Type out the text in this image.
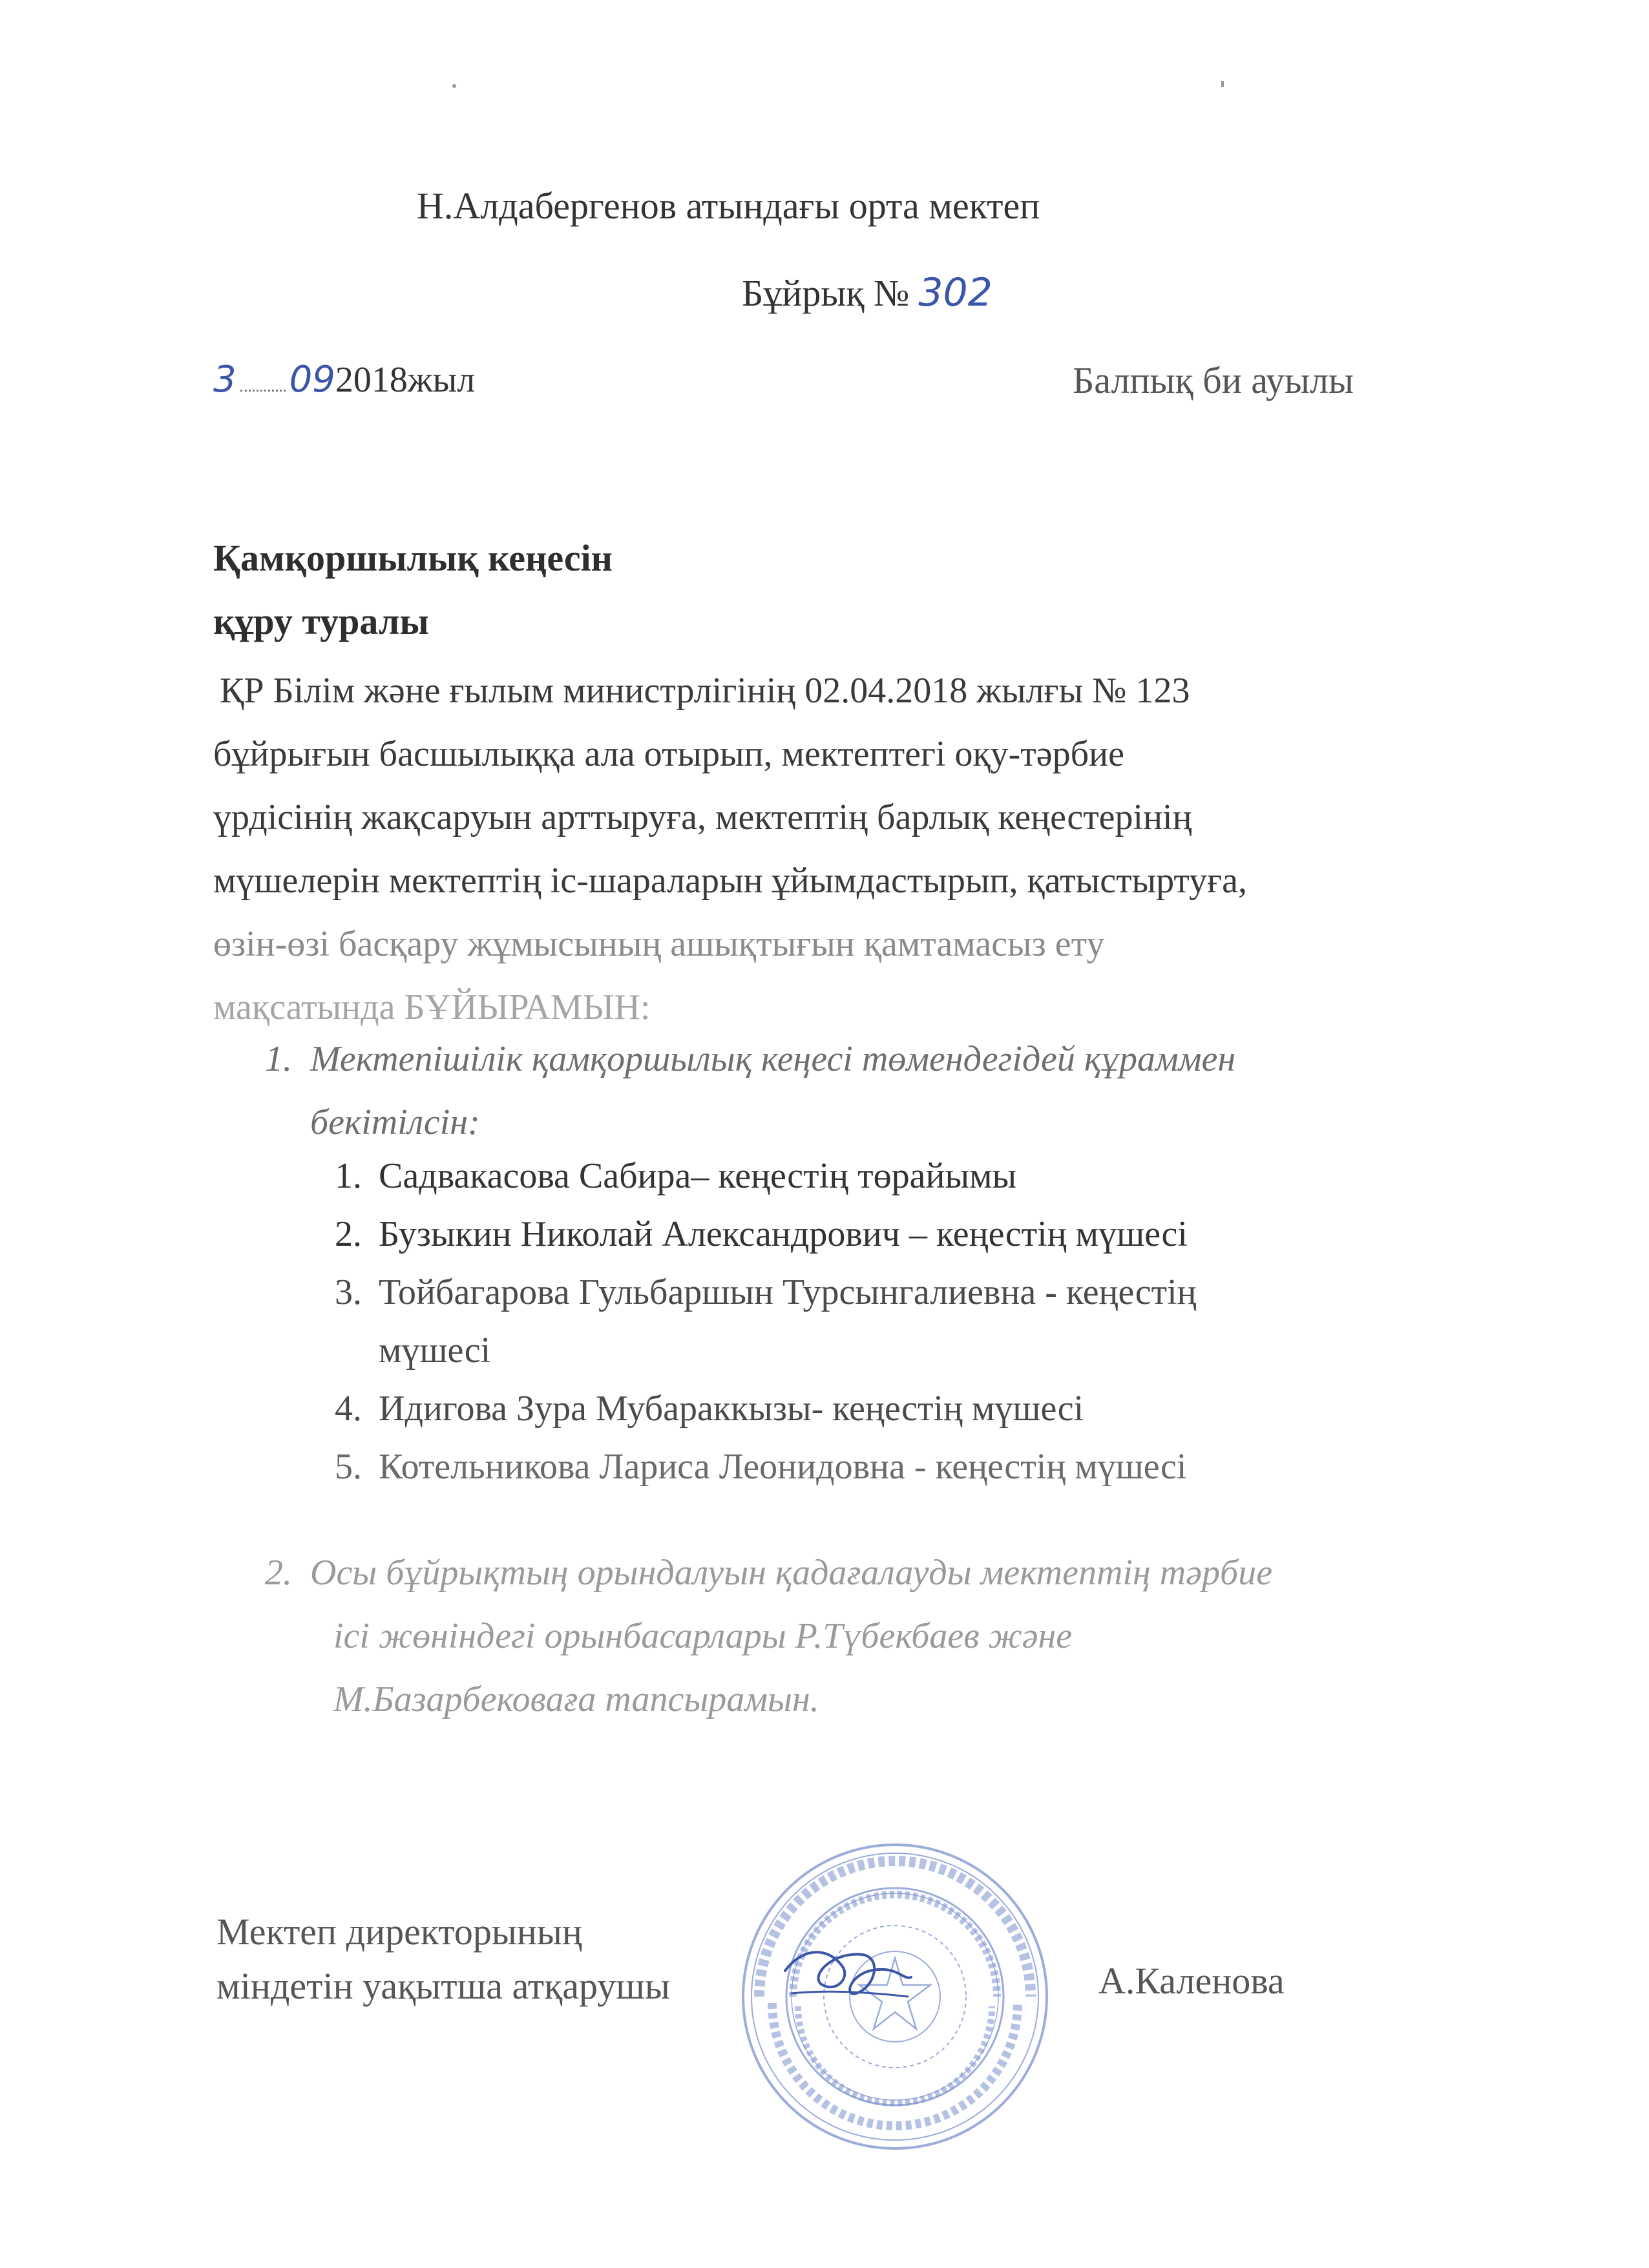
Н.Алдабергенов атындағы орта мектеп
Бұйрық № 302
3 092018жыл	Балпық би ауылы
Қамқоршылық кеңесін
құру туралы
ҚР Білім және ғылым министрлігінің 02.04.2018 жылғы № 123
бұйрығын басшылыққа ала отырып, мектептегі оқу-тәрбие
үрдісінің жақсаруын арттыруға, мектептің барлық кеңестерінің
мүшелерін мектептің іс-шараларын ұйымдастырып, қатыстыртуға,
өзін-өзі басқару жұмысының ашықтығын қамтамасыз ету
мақсатында БҰЙЫРАМЫН:
1. Мектепішілік қамқоршылық кеңесі төмендегідей құраммен
бекітілсін:
1. Садвакасова Сабира– кеңестің төрайымы
2. Бузыкин Николай Александрович – кеңестің мүшесі
3. Тойбагарова Гульбаршын Турсынгалиевна - кеңестің
мүшесі
4. Идигова Зура Мубараккызы- кеңестің мүшесі
5. Котельникова Лариса Леонидовна - кеңестің мүшесі
2. Осы бұйрықтың орындалуын қадағалауды мектептің тәрбие
ісі жөніндегі орынбасарлары Р.Түбекбаев және
М.Базарбековаға тапсырамын.
Мектеп директорының
міндетін уақытша атқарушы	А.Каленова
